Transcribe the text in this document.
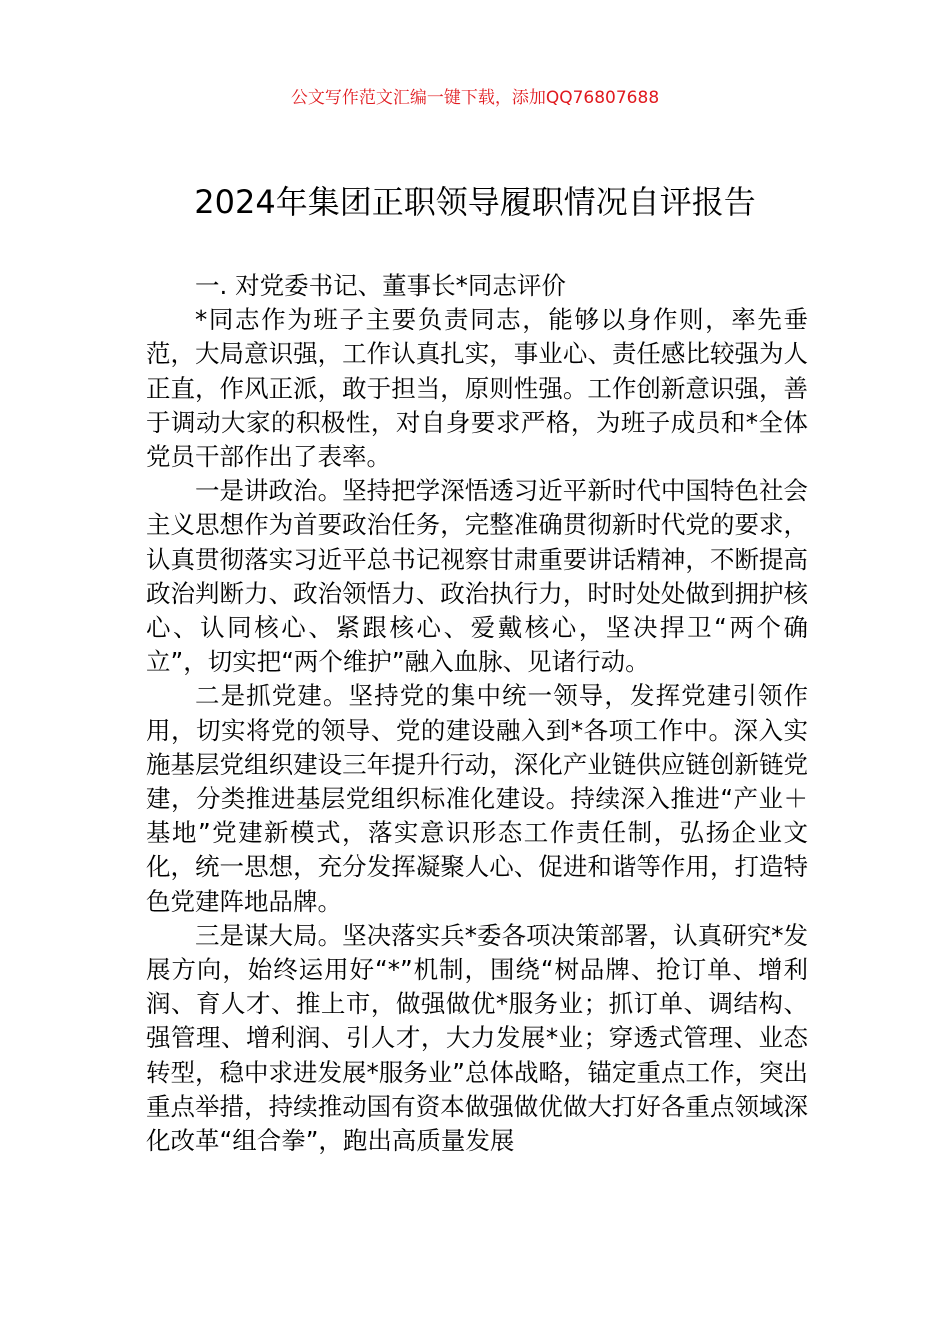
公文写作范文汇编一键下载，添加QQ76807688
2024年集团正职领导履职情况自评报告

一. 对党委书记、董事长*同志评价

*同志作为班子主要负责同志，能够以身作则，率先垂范，大局意识强，工作认真扎实，事业心、责任感比较强为人正直，作风正派，敢于担当，原则性强。工作创新意识强，善于调动大家的积极性，对自身要求严格，为班子成员和*全体党员干部作出了表率。

一是讲政治。坚持把学深悟透习近平新时代中国特色社会主义思想作为首要政治任务，完整准确贯彻新时代党的要求，认真贯彻落实习近平总书记视察甘肃重要讲话精神，不断提高政治判断力、政治领悟力、政治执行力，时时处处做到拥护核心、认同核心、紧跟核心、爱戴核心，坚决捍卫“两个确立”，切实把“两个维护”融入血脉、见诸行动。

二是抓党建。坚持党的集中统一领导，发挥党建引领作用，切实将党的领导、党的建设融入到*各项工作中。深入实施基层党组织建设三年提升行动，深化产业链供应链创新链党建，分类推进基层党组织标准化建设。持续深入推进“产业＋基地”党建新模式，落实意识形态工作责任制，弘扬企业文化，统一思想，充分发挥凝聚人心、促进和谐等作用，打造特色党建阵地品牌。

三是谋大局。坚决落实兵*委各项决策部署，认真研究*发展方向，始终运用好“*”机制，围绕“树品牌、抢订单、增利润、育人才、推上市，做强做优*服务业；抓订单、调结构、强管理、增利润、引人才，大力发展*业；穿透式管理、业态转型，稳中求进发展*服务业”总体战略，锚定重点工作，突出重点举措，持续推动国有资本做强做优做大打好各重点领域深化改革“组合拳”，跑出高质量发展
